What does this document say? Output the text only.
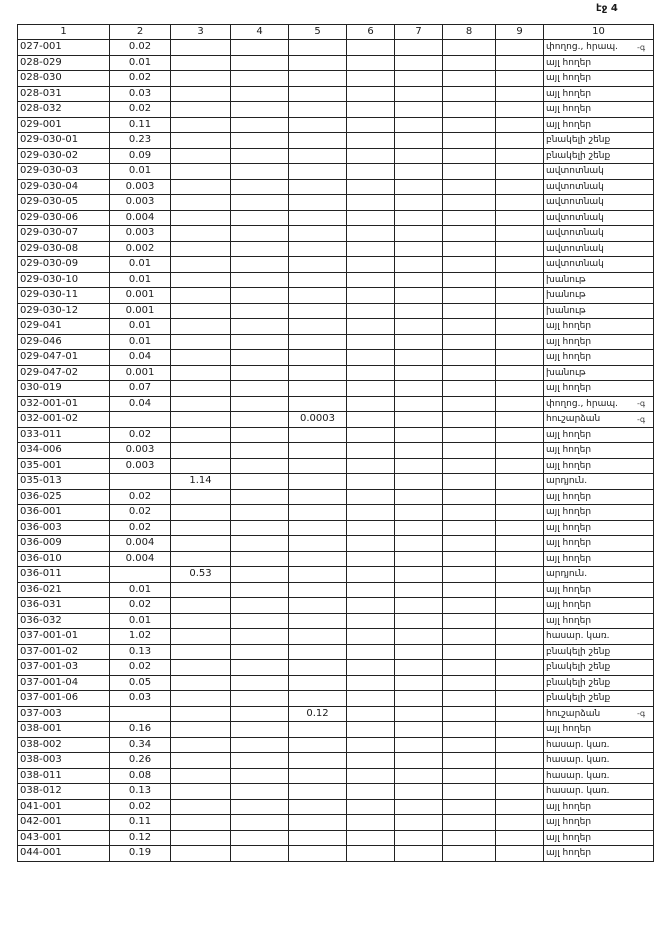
էջ 4
1	2	3	4	5	6	7	8	9	10
027-001	0.02								փողոց., հրապ.
028-029	0.01								այլ հողեր
028-030	0.02								այլ հողեր
028-031	0.03								այլ հողեր
028-032	0.02								այլ հողեր
029-001	0.11								այլ հողեր
029-030-01	0.23								բնակելի շենք
029-030-02	0.09								բնակելի շենք
029-030-03	0.01								ավտոտնակ
029-030-04	0.003								ավտոտնակ
029-030-05	0.003								ավտոտնակ
029-030-06	0.004								ավտոտնակ
029-030-07	0.003								ավտոտնակ
029-030-08	0.002								ավտոտնակ
029-030-09	0.01								ավտոտնակ
029-030-10	0.01								խանութ
029-030-11	0.001								խանութ
029-030-12	0.001								խանութ
029-041	0.01								այլ հողեր
029-046	0.01								այլ հողեր
029-047-01	0.04								այլ հողեր
029-047-02	0.001								խանութ
030-019	0.07								այլ հողեր
032-001-01	0.04								փողոց., հրապ.
032-001-02				0.0003					հուշարձան
033-011	0.02								այլ հողեր
034-006	0.003								այլ հողեր
035-001	0.003								այլ հողեր
035-013		1.14							արդյուն.
036-025	0.02								այլ հողեր
036-001	0.02								այլ հողեր
036-003	0.02								այլ հողեր
036-009	0.004								այլ հողեր
036-010	0.004								այլ հողեր
036-011		0.53							արդյուն.
036-021	0.01								այլ հողեր
036-031	0.02								այլ հողեր
036-032	0.01								այլ հողեր
037-001-01	1.02								հասար. կառ.
037-001-02	0.13								բնակելի շենք
037-001-03	0.02								բնակելի շենք
037-001-04	0.05								բնակելի շենք
037-001-06	0.03								բնակելի շենք
037-003				0.12					հուշարձան
038-001	0.16								այլ հողեր
038-002	0.34								հասար. կառ.
038-003	0.26								հասար. կառ.
038-011	0.08								հասար. կառ.
038-012	0.13								հասար. կառ.
041-001	0.02								այլ հողեր
042-001	0.11								այլ հողեր
043-001	0.12								այլ հողեր
044-001	0.19								այլ հողեր
-գ
-գ
-գ
-գ
